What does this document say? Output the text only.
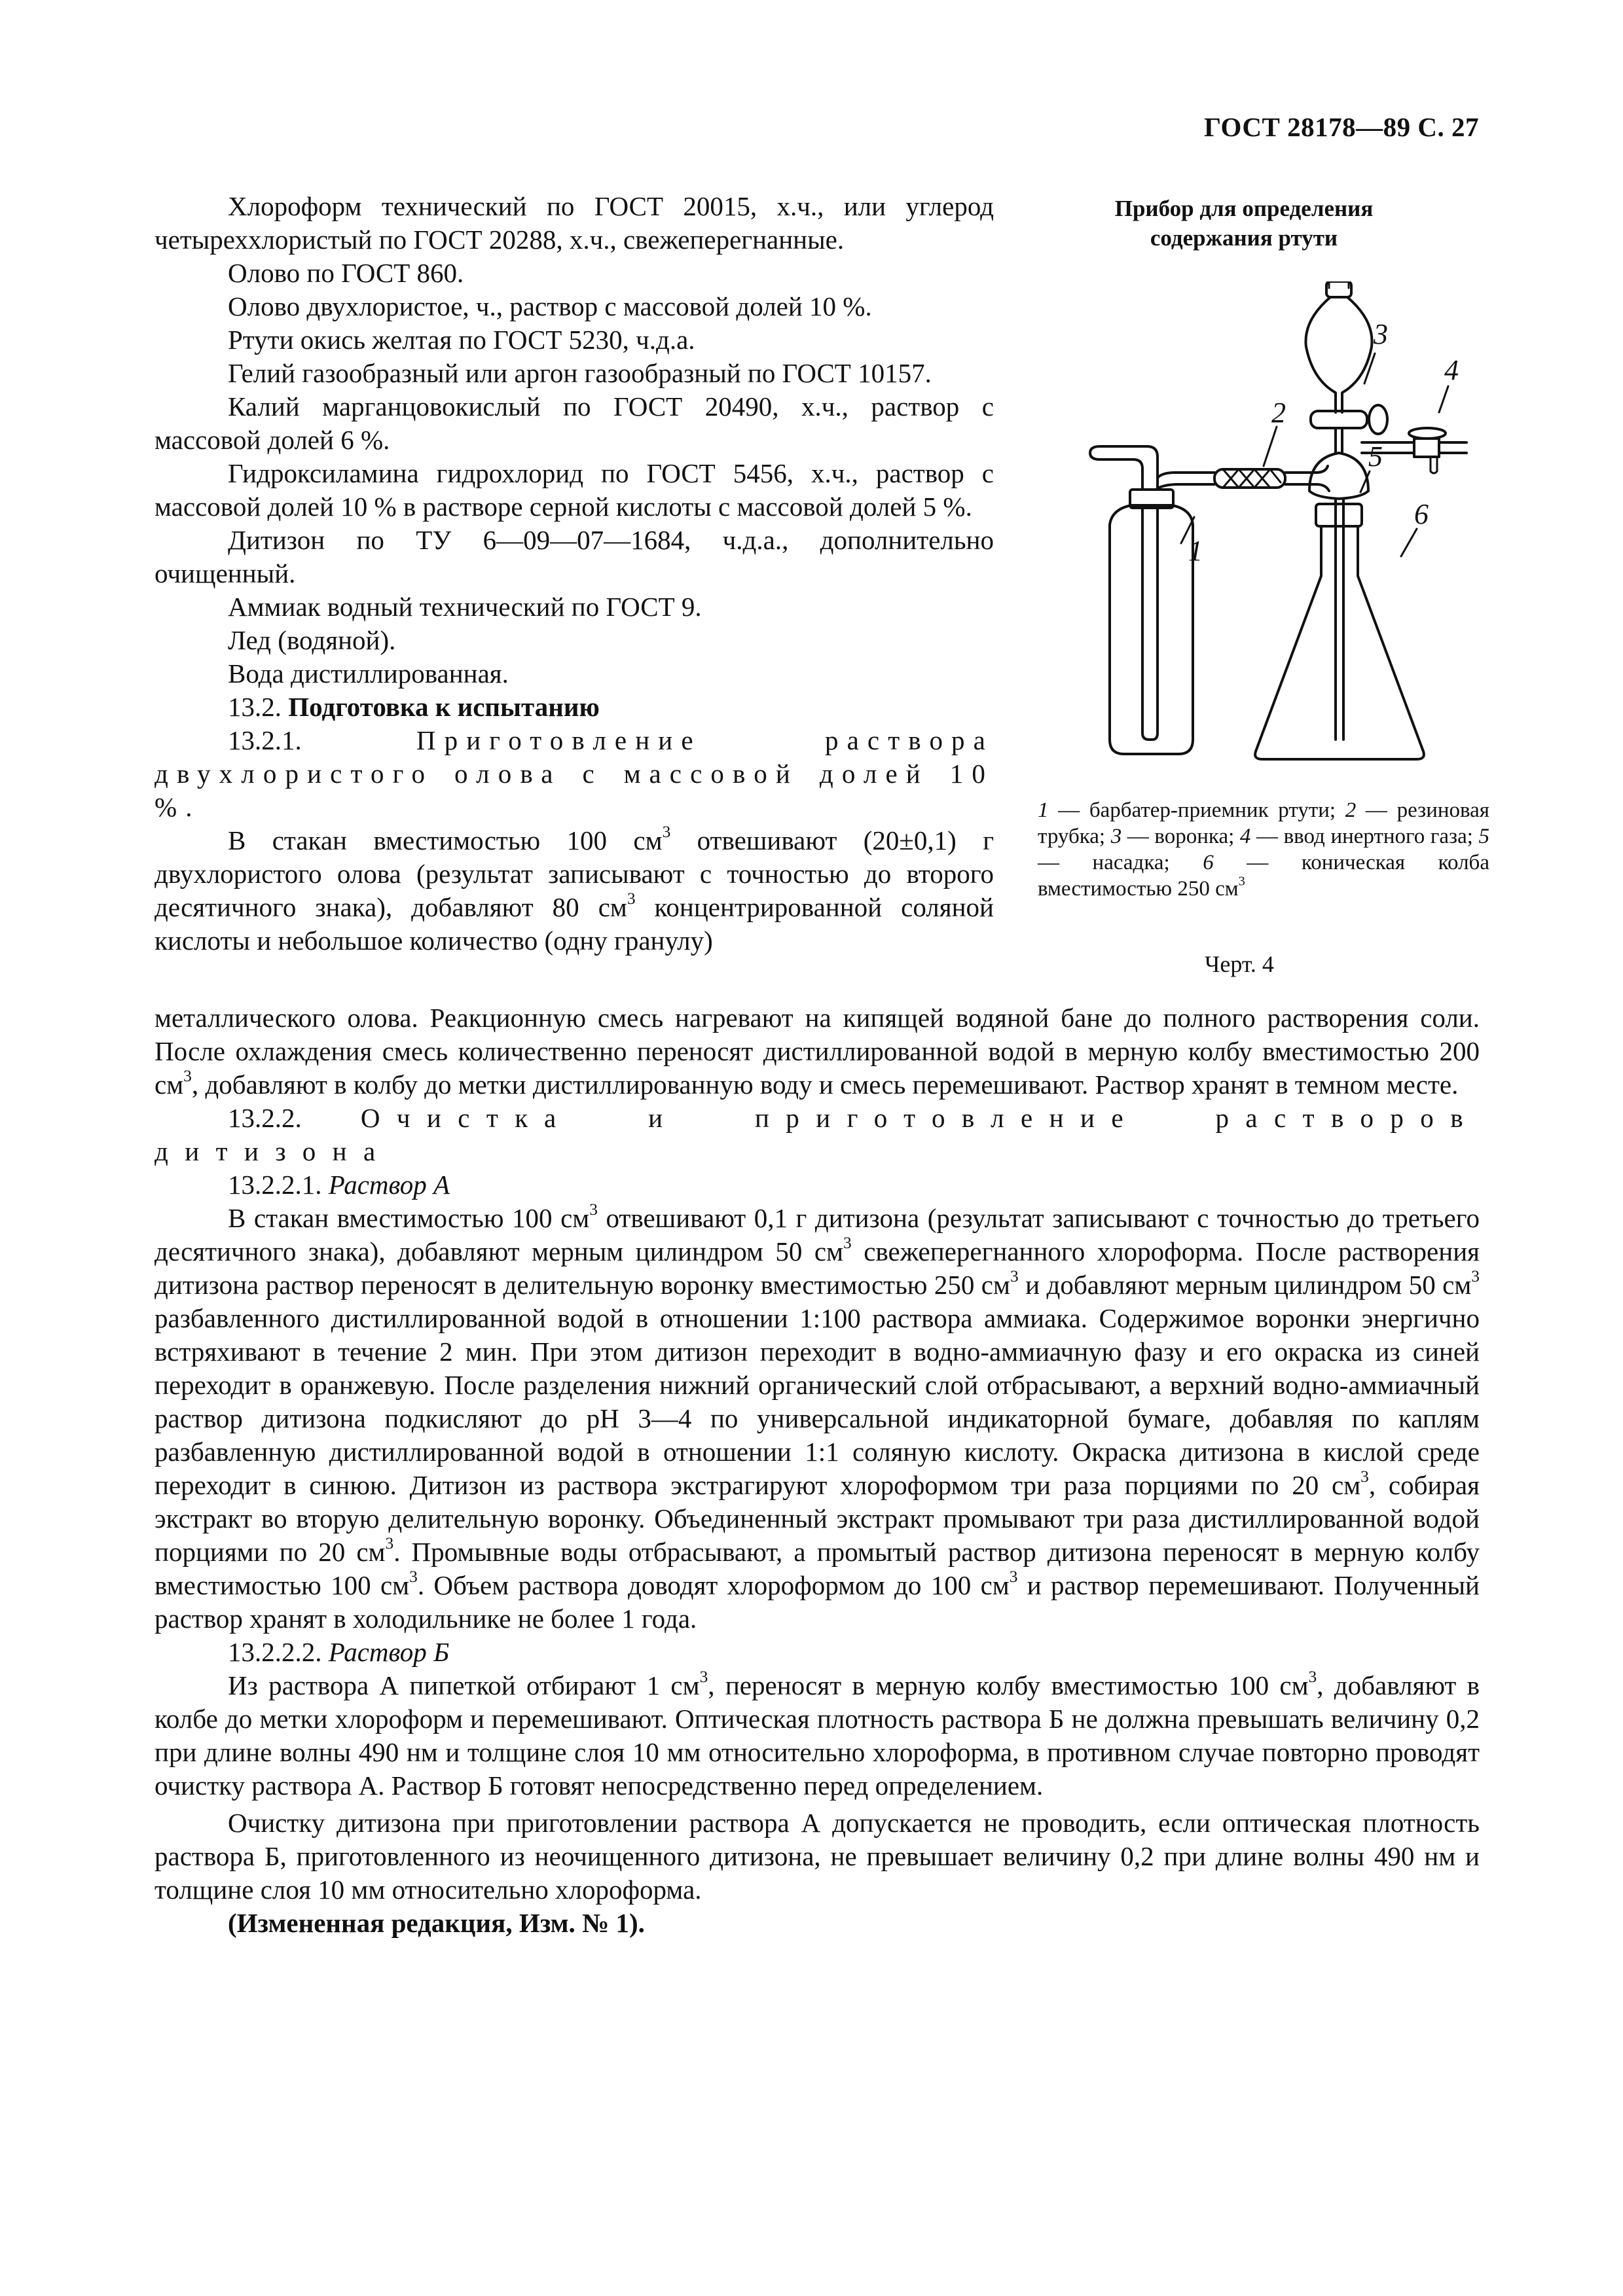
ГОСТ 28178—89 С. 27

Хлороформ технический по ГОСТ 20015, х.ч., или углерод четыреххлористый по ГОСТ 20288, х.ч., свежеперегнанные.

Олово по ГОСТ 860.

Олово двухлористое, ч., раствор с массовой долей 10 %.

Ртути окись желтая по ГОСТ 5230, ч.д.а.

Гелий газообразный или аргон газообразный по ГОСТ 10157.

Калий марганцовокислый по ГОСТ 20490, х.ч., раствор с массовой долей 6 %.

Гидроксиламина гидрохлорид по ГОСТ 5456, х.ч., раствор с массовой долей 10 % в растворе серной кислоты с массовой долей 5 %.

Дитизон по ТУ 6—09—07—1684, ч.д.а., дополнительно очищенный.

Аммиак водный технический по ГОСТ 9.

Лед (водяной).

Вода дистиллированная.

13.2. Подготовка к испытанию

13.2.1.	Приготовление раствора двухлористого олова с массовой долей 10 %.

В стакан вместимостью 100 $см^3$ отвешивают (20±0,1) г двухлористого олова (результат записывают с точностью до второго десятичного знака), добавляют 80 $см^3$ концентрированной соляной кислоты и небольшое количество (одну гранулу)

металлического олова. Реакционную смесь нагревают на кипящей водяной бане до полного растворения соли. После охлаждения смесь количественно переносят дистиллированной водой в мерную колбу вместимостью 200 $см^3$, добавляют в колбу до метки дистиллированную воду и смесь перемешивают. Раствор хранят в темном месте.

13.2.2. Очистка и приготовление растворов дитизона

13.2.2.1. Раствор А

В стакан вместимостью 100 $см^3$ отвешивают 0,1 г дитизона (результат записывают с точностью до третьего десятичного знака), добавляют мерным цилиндром 50 $см^3$ свежеперегнанного хлороформа. После растворения дитизона раствор переносят в делительную воронку вместимостью 250 $см^3$ и добавляют мерным цилиндром 50 $см^3$ разбавленного дистиллированной водой в отношении 1:100 раствора аммиака. Содержимое воронки энергично встряхивают в течение 2 мин. При этом дитизон переходит в водно-аммиачную фазу и его окраска из синей переходит в оранжевую. После разделения нижний органический слой отбрасывают, а верхний водно-аммиачный раствор дитизона подкисляют до pH 3—4 по универсальной индикаторной бумаге, добавляя по каплям разбавленную дистиллированной водой в отношении 1:1 соляную кислоту. Окраска дитизона в кислой среде переходит в синюю. Дитизон из раствора экстрагируют хлороформом три раза порциями по 20 $см^3$, собирая экстракт во вторую делительную воронку. Объединенный экстракт промывают три раза дистиллированной водой порциями по 20 $см^3$. Промывные воды отбрасывают, а промытый раствор дитизона переносят в мерную колбу вместимостью 100 $см^3$. Объем раствора доводят хлороформом до 100 $см^3$ и раствор перемешивают. Полученный раствор хранят в холодильнике не более 1 года.

13.2.2.2. Раствор Б

Из раствора А пипеткой отбирают 1 $см^3$, переносят в мерную колбу вместимостью 100 $см^3$, добавляют в колбе до метки хлороформ и перемешивают. Оптическая плотность раствора Б не должна превышать величину 0,2 при длине волны 490 нм и толщине слоя 10 мм относительно хлороформа, в противном случае повторно проводят очистку раствора А. Раствор Б готовят непосредственно перед определением.

Очистку дитизона при приготовлении раствора А допускается не проводить, если оптическая плотность раствора Б, приготовленного из неочищенного дитизона, не превышает величину 0,2 при длине волны 490 нм и толщине слоя 10 мм относительно хлороформа.

(Измененная редакция, Изм. № 1).

Прибор для определения
содержания ртути
1
2
3
4
5
6
1 — барбатер-приемник ртути; 2 — резиновая трубка; 3 — воронка; 4 — ввод инертного газа; 5 — насадка; 6 — коническая колба вместимостью 250 $см^3$
Черт. 4
